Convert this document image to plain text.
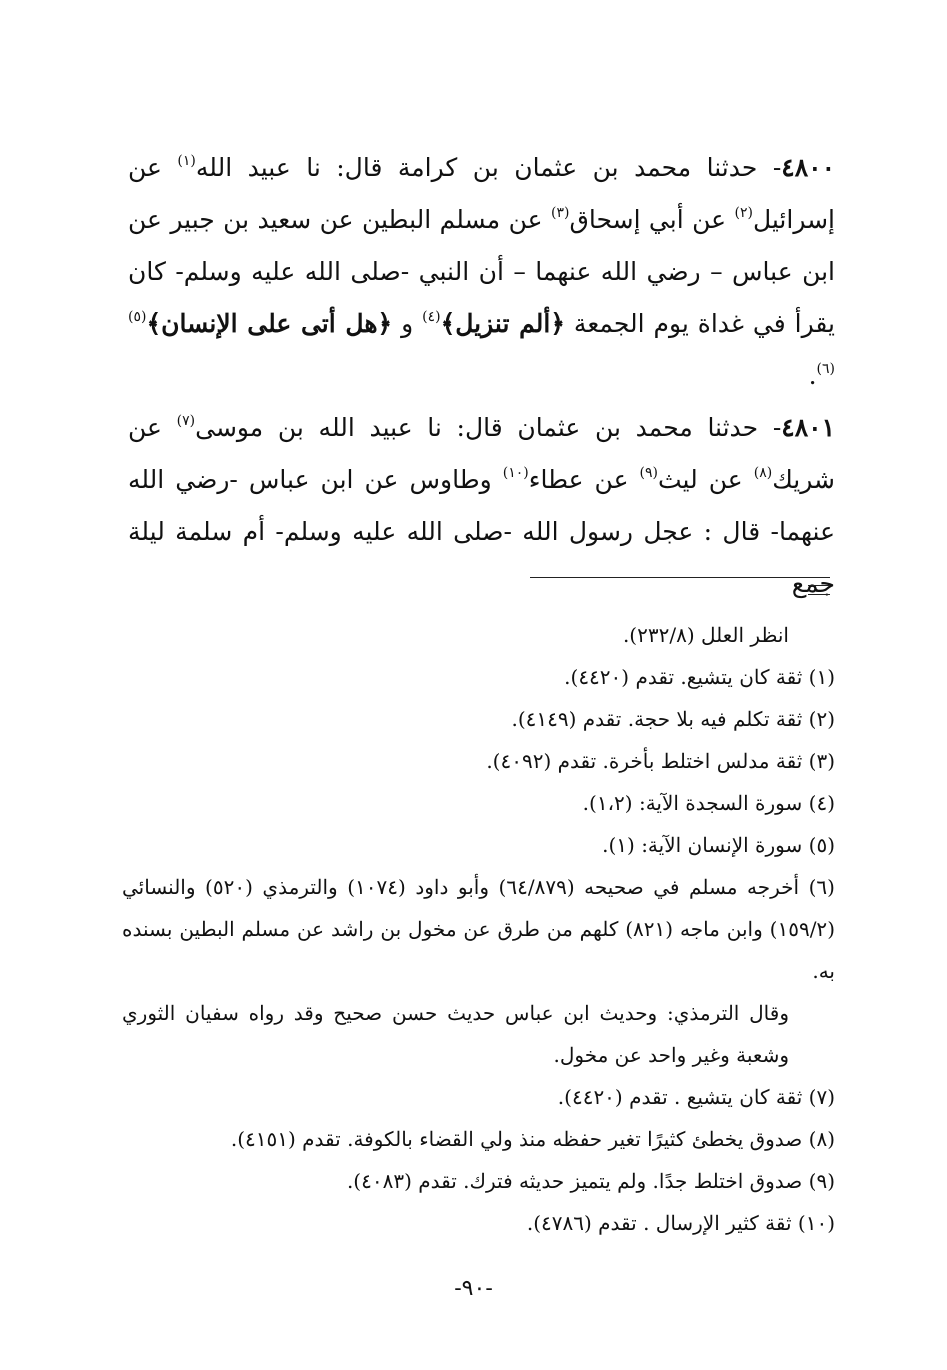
٤٨٠٠- حدثنا محمد بن عثمان بن كرامة قال: نا عبيد الله$^{(١)}$ عن إسرائيل$^{(٢)}$ عن أبي إسحاق$^{(٣)}$ عن مسلم البطين عن سعيد بن جبير عن ابن عباس – رضي الله عنهما – أن النبي -صلى الله عليه وسلم- كان يقرأ في غداة يوم الجمعة ﴿ألم تنزيل﴾$^{(٤)}$ و ﴿هل أتى على الإنسان﴾$^{(٥)(٦)}$.

٤٨٠١- حدثنا محمد بن عثمان قال: نا عبيد الله بن موسى$^{(٧)}$ عن شريك$^{(٨)}$ عن ليث$^{(٩)}$ عن عطاء$^{(١٠)}$ وطاوس عن ابن عباس -رضي الله عنهما- قال : عجل رسول الله -صلى الله عليه وسلم- أم سلمة ليلة جمع

انظر العلل (٢٣٢/٨).

(١) ثقة كان يتشيع. تقدم (٤٤٢٠).

(٢) ثقة تكلم فيه بلا حجة. تقدم (٤١٤٩).

(٣) ثقة مدلس اختلط بأخرة. تقدم (٤٠٩٢).

(٤) سورة السجدة الآية: (١،٢).

(٥) سورة الإنسان الآية: (١).

(٦) أخرجه مسلم في صحيحه (٦٤/٨٧٩) وأبو داود (١٠٧٤) والترمذي (٥٢٠) والنسائي (١٥٩/٢) وابن ماجه (٨٢١) كلهم من طرق عن مخول بن راشد عن مسلم البطين بسنده به.

وقال الترمذي: وحديث ابن عباس حديث حسن صحيح وقد رواه سفيان الثوري وشعبة وغير واحد عن مخول.

(٧) ثقة كان يتشيع . تقدم (٤٤٢٠).

(٨) صدوق يخطئ كثيرًا تغير حفظه منذ ولي القضاء بالكوفة. تقدم (٤١٥١).

(٩) صدوق اختلط جدًا. ولم يتميز حديثه فترك. تقدم (٤٠٨٣).

(١٠) ثقة كثير الإرسال . تقدم (٤٧٨٦).

-٩٠-
